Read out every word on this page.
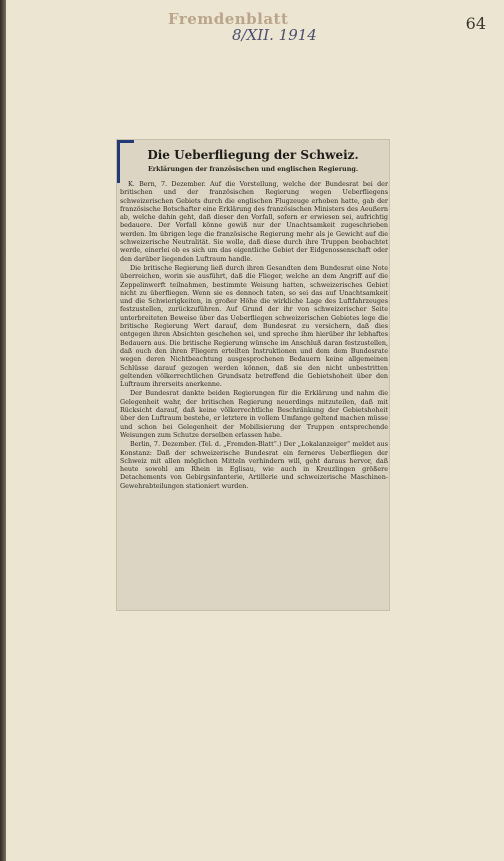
Fremdenblatt
8/XII. 1914
64
Die Ueberfliegung der Schweiz.
Erklärungen der französischen und englischen Regierung.

K. Bern, 7. Dezember. Auf die Vorstellung, welche der Bundesrat bei der britischen und der französischen Regierung wegen Ueberfliegens schweizerischen Gebiets durch die englischen Flugzeuge erhoben hatte, gab der französische Botschafter eine Erklärung des französischen Ministers des Aeußern ab, welche dahin geht, daß dieser den Vorfall, sofern er erwiesen sei, aufrichtig bedauere. Der Vorfall könne gewiß nur der Unachtsamkeit zugeschrieben werden. Im übrigen lege die französische Regierung mehr als je Gewicht auf die schweizerische Neutralität. Sie wolle, daß diese durch ihre Truppen beobachtet werde, einerlei ob es sich um das eigentliche Gebiet der Eidgenossenschaft oder den darüber liegenden Luftraum handle.

Die britische Regierung ließ durch ihren Gesandten dem Bundesrat eine Note überreichen, worin sie ausführt, daß die Flieger, welche an dem Angriff auf die Zeppelinwerft teilnahmen, bestimmte Weisung hatten, schweizerisches Gebiet nicht zu überfliegen. Wenn sie es dennoch taten, so sei das auf Unachtsamkeit und die Schwierigkeiten, in großer Höhe die wirkliche Lage des Luftfahrzeuges festzustellen, zurückzuführen. Auf Grund der ihr von schweizerischer Seite unterbreiteten Beweise über das Ueberfliegen schweizerischen Gebietes lege die britische Regierung Wert darauf, dem Bundesrat zu versichern, daß dies entgegen ihren Absichten geschehen sei, und spreche ihm hierüber ihr lebhaftes Bedauern aus. Die britische Regierung wünsche im Anschluß daran festzustellen, daß ouch den ihren Fliegern erteilten Instruktionen und dem dem Bundesrate wegen deren Nichtbeachtung ausgesprochenen Bedauern keine allgemeinen Schlüsse darauf gezogen werden können, daß sie den nicht unbestritten geltenden völkerrechtlichen Grundsatz betreffend die Gebietshoheit über den Luftraum ihrerseits anerkenne.

Der Bundesrat dankte beiden Regierungen für die Erklärung und nahm die Gelegenheit wahr, der britischen Regierung neuerdings mitzuteilen, daß mit Rücksicht darauf, daß keine völkerrechtliche Beschränkung der Gebietshoheit über den Luftraum bestehe, er letztere in vollem Umfange geltend machen müsse und schon bei Gelegenheit der Mobilisierung der Truppen entsprechende Weisungen zum Schutze derselben erlassen habe.

Berlin, 7. Dezember. (Tel. d. „Fremden-Blatt“.) Der „Lokalanzeiger“ meldet aus Konstanz: Daß der schweizerische Bundesrat ein ferneres Ueberfliegen der Schweiz mit allen möglichen Mitteln verhindern will, geht daraus hervor, daß heute sowohl am Rhein in Eglisau, wie auch in Kreuzlingen größere Detachements von Gebirgsinfanterie, Artillerie und schweizerische Maschinen-Gewehrabteilungen stationiert wurden.
